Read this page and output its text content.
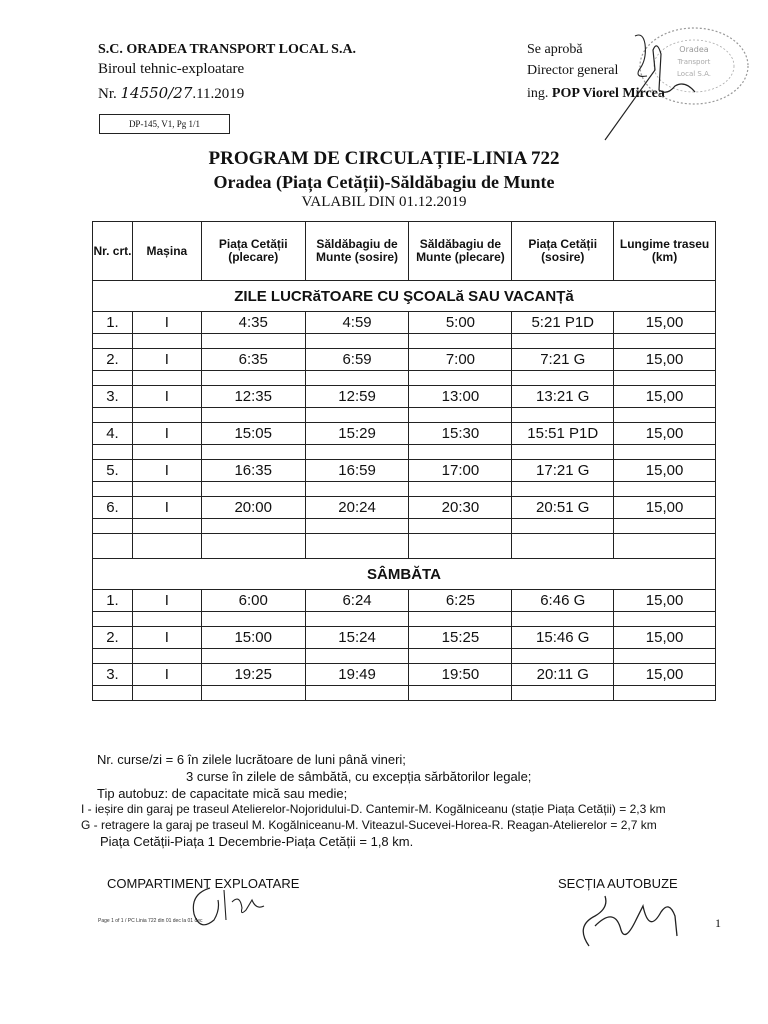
S.C. ORADEA TRANSPORT LOCAL S.A.
Biroul tehnic-exploatare
Nr. 14550/27.11.2019
DP-145, V1, Pg 1/1
Se aprobă
Director general
ing. POP Viorel Mircea
Oradea
Transport
Local S.A.
PROGRAM DE CIRCULAȚIE-LINIA 722
Oradea (Piața Cetății)-Săldăbagiu de Munte
VALABIL DIN 01.12.2019
Nr. crt.	Mașina	Piața Cetății (plecare)	Săldăbagiu de Munte (sosire)	Săldăbagiu de Munte (plecare)	Piața Cetății (sosire)	Lungime traseu (km)
ZILE LUCRăTOARE CU ŞCOALă SAU VACANȚă						
1.	I	4:35	4:59	5:00	5:21 P1D	15,00

2.	I	6:35	6:59	7:00	7:21 G	15,00

3.	I	12:35	12:59	13:00	13:21 G	15,00

4.	I	15:05	15:29	15:30	15:51 P1D	15,00

5.	I	16:35	16:59	17:00	17:21 G	15,00

6.	I	20:00	20:24	20:30	20:51 G	15,00

SÂMBĂTA						
1.	I	6:00	6:24	6:25	6:46 G	15,00

2.	I	15:00	15:24	15:25	15:46 G	15,00

3.	I	19:25	19:49	19:50	20:11 G	15,00

Nr. curse/zi = 6 în zilele lucrătoare de luni până vineri;
3 curse în zilele de sâmbătă, cu excepția sărbătorilor legale;
Tip autobuz: de capacitate mică sau medie;
I - ieșire din garaj pe traseul Atelierelor-Nojoridului-D. Cantemir-M. Kogălniceanu (stație Piața Cetății) = 2,3 km
G - retragere la garaj pe traseul M. Kogălniceanu-M. Viteazul-Sucevei-Horea-R. Reagan-Atelierelor = 2,7 km
Piața Cetății-Piața 1 Decembrie-Piața Cetății = 1,8 km.
COMPARTIMENT EXPLOATARE	SECȚIA AUTOBUZE
Page 1 of 1 / PC Linia 722 din 01 dec la 01 dec	1
